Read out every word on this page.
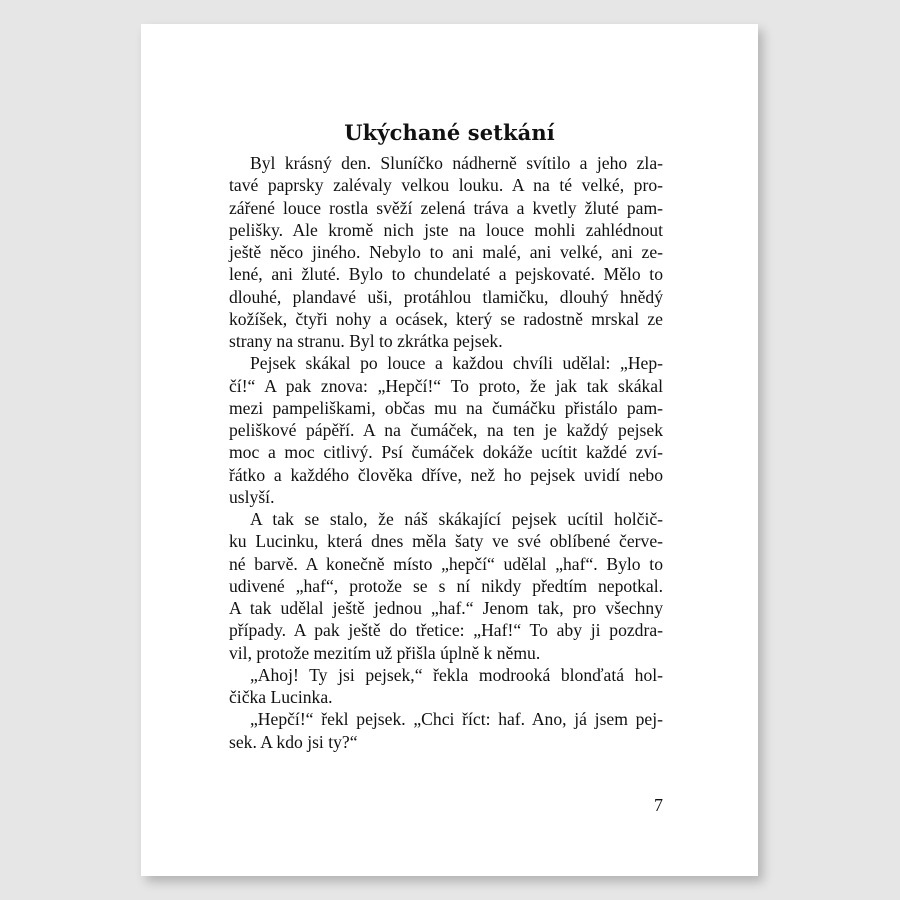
Ukýchané setkání
Byl krásný den. Sluníčko nádherně svítilo a jeho zla-
tavé paprsky zalévaly velkou louku. A na té velké, pro-
zářené louce rostla svěží zelená tráva a kvetly žluté pam-
pelišky. Ale kromě nich jste na louce mohli zahlédnout
ještě něco jiného. Nebylo to ani malé, ani velké, ani ze-
lené, ani žluté. Bylo to chundelaté a pejskovaté. Mělo to
dlouhé, plandavé uši, protáhlou tlamičku, dlouhý hnědý
kožíšek, čtyři nohy a ocásek, který se radostně mrskal ze
strany na stranu. Byl to zkrátka pejsek.
Pejsek skákal po louce a každou chvíli udělal: „Hep-
čí!“ A pak znova: „Hepčí!“ To proto, že jak tak skákal
mezi pampeliškami, občas mu na čumáčku přistálo pam-
peliškové pápěří. A na čumáček, na ten je každý pejsek
moc a moc citlivý. Psí čumáček dokáže ucítit každé zví-
řátko a každého člověka dříve, než ho pejsek uvidí nebo
uslyší.
A tak se stalo, že náš skákající pejsek ucítil holčič-
ku Lucinku, která dnes měla šaty ve své oblíbené červe-
né barvě. A konečně místo „hepčí“ udělal „haf“. Bylo to
udivené „haf“, protože se s ní nikdy předtím nepotkal.
A tak udělal ještě jednou „haf.“ Jenom tak, pro všechny
případy. A pak ještě do třetice: „Haf!“ To aby ji pozdra-
vil, protože mezitím už přišla úplně k němu.
„Ahoj! Ty jsi pejsek,“ řekla modrooká blonďatá hol-
čička Lucinka.
„Hepčí!“ řekl pejsek. „Chci říct: haf. Ano, já jsem pej-
sek. A kdo jsi ty?“
7
